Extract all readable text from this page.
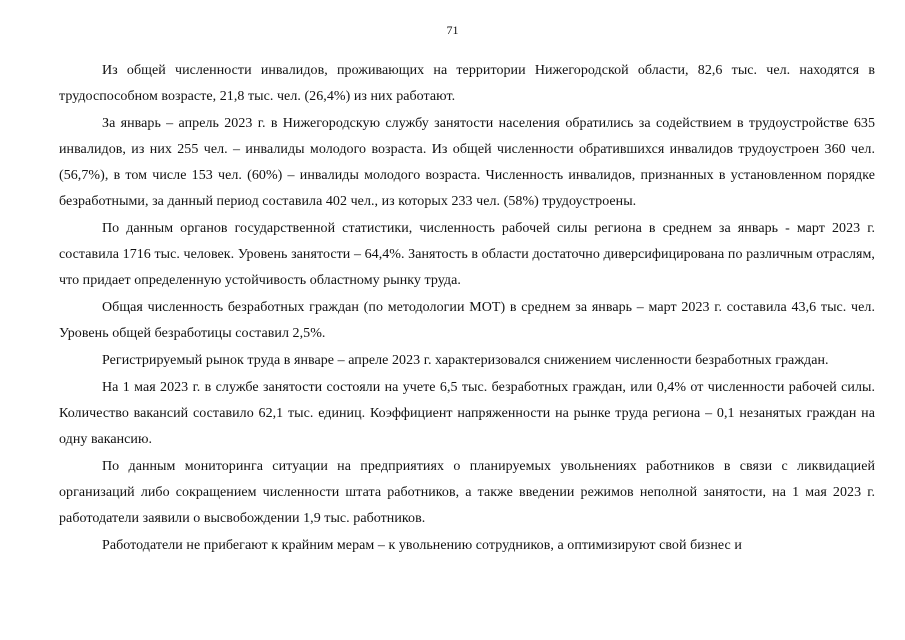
71

Из общей численности инвалидов, проживающих на территории Нижегородской области, 82,6 тыс. чел. находятся в трудоспособном возрасте, 21,8 тыс. чел. (26,4%) из них работают.

За январь – апрель 2023 г. в Нижегородскую службу занятости населения обратились за содействием в трудоустройстве 635 инвалидов, из них 255 чел. – инвалиды молодого возраста. Из общей численности обратившихся инвалидов трудоустроен 360 чел. (56,7%), в том числе 153 чел. (60%) – инвалиды молодого возраста. Численность инвалидов, признанных в установленном порядке безработными, за данный период составила 402 чел., из которых 233 чел. (58%) трудоустроены.

По данным органов государственной статистики, численность рабочей силы региона в среднем за январь - март 2023 г. составила 1716 тыс. человек. Уровень занятости – 64,4%. Занятость в области достаточно диверсифицирована по различным отраслям, что придает определенную устойчивость областному рынку труда.

Общая численность безработных граждан (по методологии МОТ) в среднем за январь – март 2023 г. составила 43,6 тыс. чел. Уровень общей безработицы составил 2,5%.

Регистрируемый рынок труда в январе – апреле 2023 г. характеризовался снижением численности безработных граждан.

На 1 мая 2023 г. в службе занятости состояли на учете 6,5 тыс. безработных граждан, или 0,4% от численности рабочей силы. Количество вакансий составило 62,1 тыс. единиц. Коэффициент напряженности на рынке труда региона – 0,1 незанятых граждан на одну вакансию.

По данным мониторинга ситуации на предприятиях о планируемых увольнениях работников в связи с ликвидацией организаций либо сокращением численности штата работников, а также введении режимов неполной занятости, на 1 мая 2023 г. работодатели заявили о высвобождении 1,9 тыс. работников.

Работодатели не прибегают к крайним мерам – к увольнению сотрудников, а оптимизируют свой бизнес и
